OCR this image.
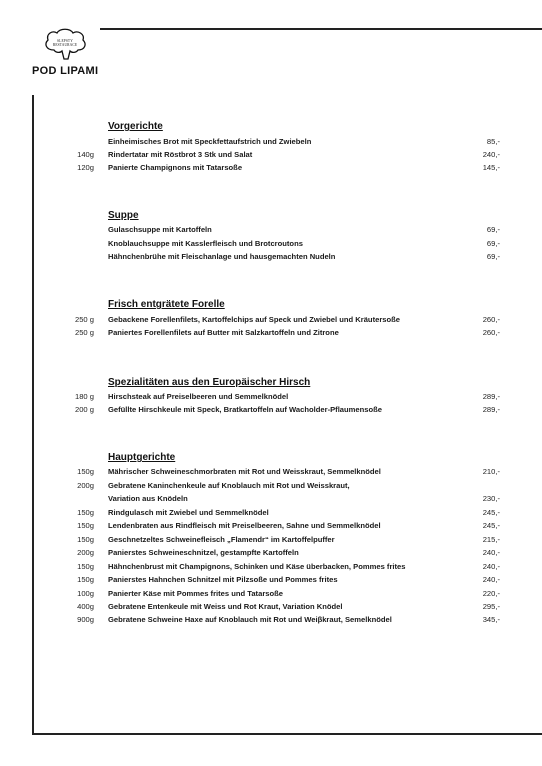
SLEPSTY
RESTAURACE
POD LIPAMI
Vorgerichte
Einheimisches Brot mit Speckfettaufstrich und Zwiebeln	85,-
140g Rindertatar mit Röstbrot 3 Stk und Salat	240,-
120g Panierte Champignons mit Tatarsoße	145,-
Suppe
Gulaschsuppe mit Kartoffeln	69,-
Knoblauchsuppe mit Kasslerfleisch und Brotcroutons	69,-
Hähnchenbrühe mit Fleischanlage und hausgemachten Nudeln	69,-
Frisch entgrätete Forelle
250 g Gebackene Forellenfilets, Kartoffelchips auf Speck und Zwiebel und Kräutersoße	260,-
250 g Paniertes Forellenfilets auf Butter mit Salzkartoffeln und Zitrone	260,-
Spezialitäten aus den Europäischer Hirsch
180 g Hirschsteak auf Preiselbeeren und Semmelknödel	289,-
200 g Gefüllte Hirschkeule mit Speck, Bratkartoffeln auf Wacholder-Pflaumensoße	289,-
Hauptgerichte
150g Mährischer Schweineschmorbraten mit Rot und Weisskraut, Semmelknödel	210,-
200g Gebratene Kaninchenkeule auf Knoblauch mit Rot und Weisskraut,
Variation aus Knödeln	230,-
150g Rindgulasch mit Zwiebel und Semmelknödel	245,-
150g Lendenbraten aus Rindfleisch mit Preiselbeeren, Sahne und Semmelknödel	245,-
150g Geschnetzeltes Schweinefleisch „Flamendr“ im Kartoffelpuffer	215,-
200g Panierstes Schweineschnitzel, gestampfte Kartoffeln	240,-
150g Hähnchenbrust mit Champignons, Schinken und Käse überbacken, Pommes frites	240,-
150g Panierstes Hahnchen Schnitzel mit Pilzsoße und Pommes frites	240,-
100g Panierter Käse mit Pommes frites und Tatarsoße	220,-
400g Gebratene Entenkeule mit Weiss und Rot Kraut, Variation Knödel	295,-
900g Gebratene Schweine Haxe auf Knoblauch mit Rot und Weiβkraut, Semelknödel	345,-
